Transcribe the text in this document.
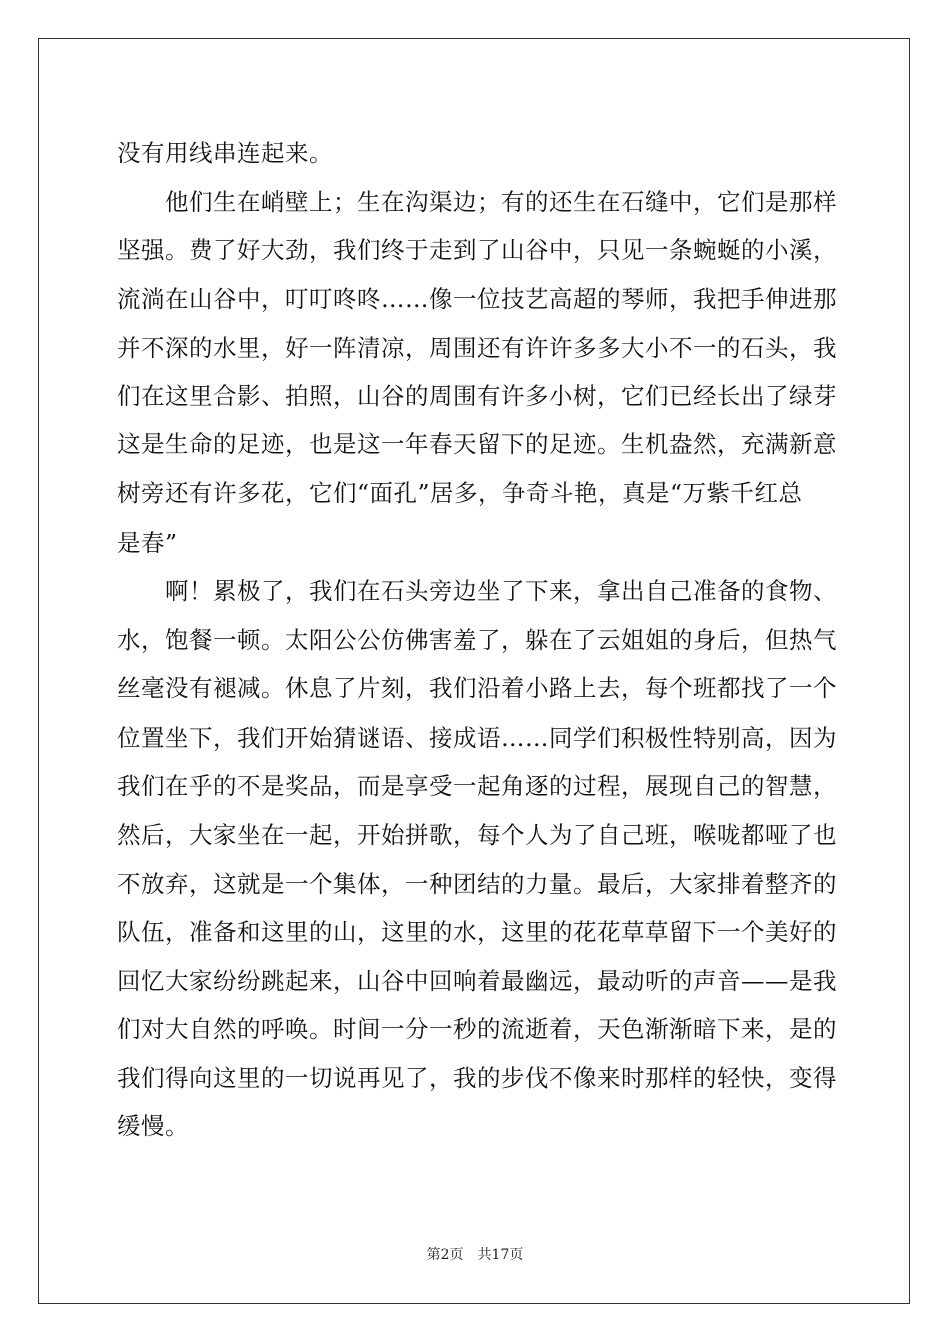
没有用线串连起来。
他们生在峭壁上；生在沟渠边；有的还生在石缝中，它们是那样
坚强。费了好大劲，我们终于走到了山谷中，只见一条蜿蜒的小溪，
流淌在山谷中，叮叮咚咚……像一位技艺高超的琴师，我把手伸进那
并不深的水里，好一阵清凉，周围还有许许多多大小不一的石头，我
们在这里合影、拍照，山谷的周围有许多小树，它们已经长出了绿芽
这是生命的足迹，也是这一年春天留下的足迹。生机盎然，充满新意
树旁还有许多花，它们“面孔”居多，争奇斗艳，真是“万紫千红总
是春”
啊！累极了，我们在石头旁边坐了下来，拿出自己准备的食物、
水，饱餐一顿。太阳公公仿佛害羞了，躲在了云姐姐的身后，但热气
丝毫没有褪减。休息了片刻，我们沿着小路上去，每个班都找了一个
位置坐下，我们开始猜谜语、接成语……同学们积极性特别高，因为
我们在乎的不是奖品，而是享受一起角逐的过程，展现自己的智慧，
然后，大家坐在一起，开始拼歌，每个人为了自己班，喉咙都哑了也
不放弃，这就是一个集体，一种团结的力量。最后，大家排着整齐的
队伍，准备和这里的山，这里的水，这里的花花草草留下一个美好的
回忆大家纷纷跳起来，山谷中回响着最幽远，最动听的声音——是我
们对大自然的呼唤。时间一分一秒的流逝着，天色渐渐暗下来，是的
我们得向这里的一切说再见了，我的步伐不像来时那样的轻快，变得
缓慢。
第2页 共17页
